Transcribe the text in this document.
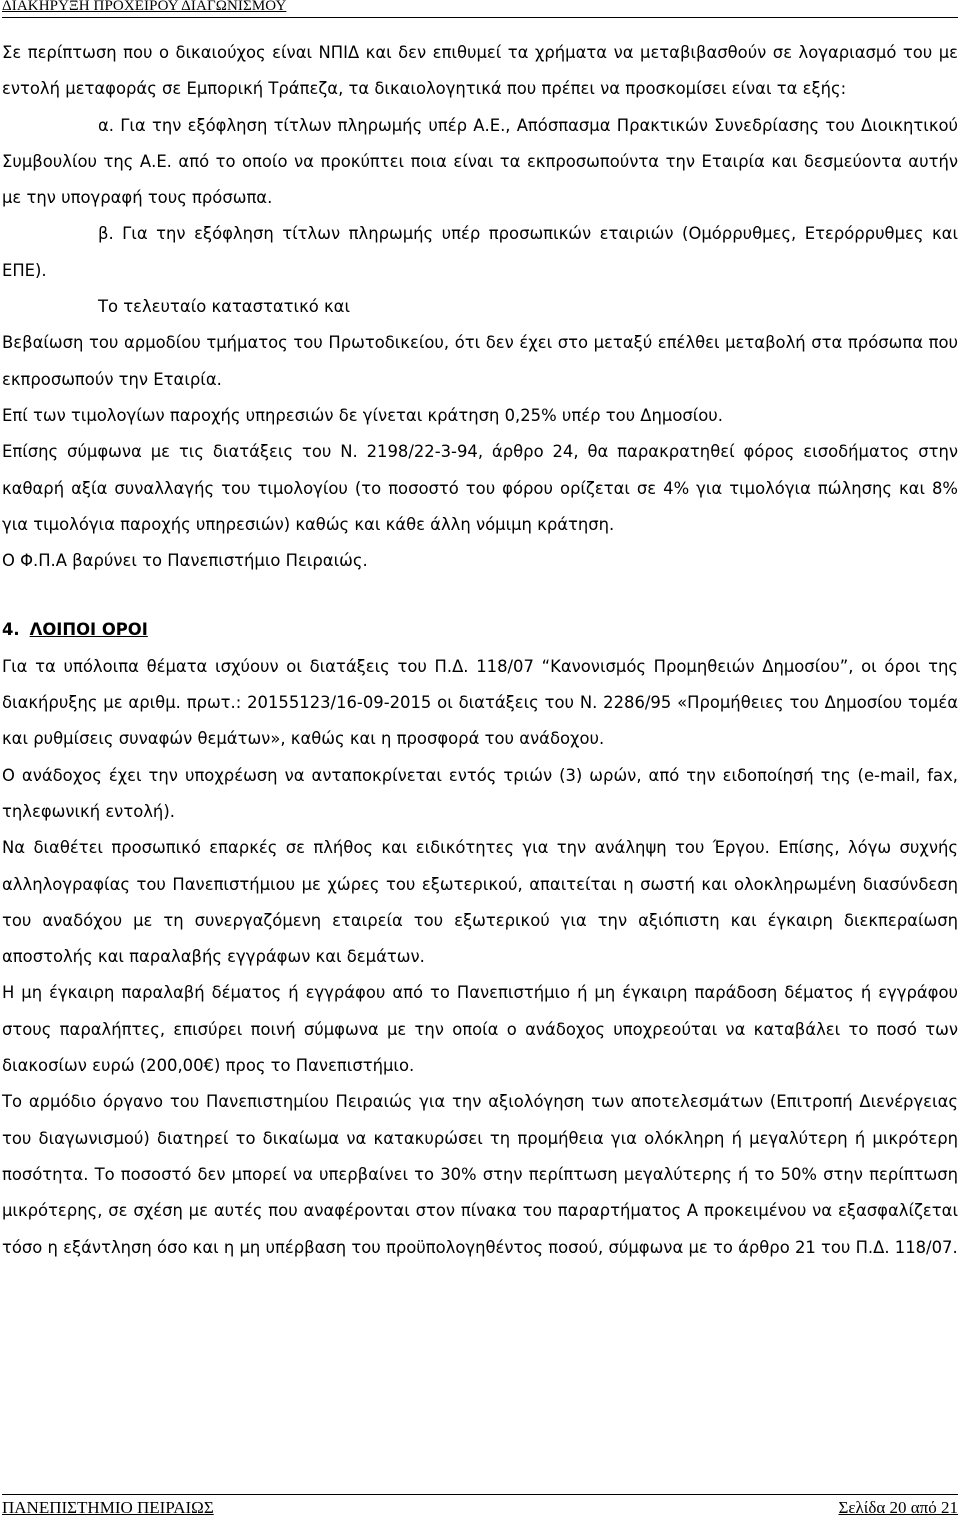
ΔΙΑΚΗΡΥΞΗ ΠΡΟΧΕΙΡΟΥ ΔΙΑΓΩΝΙΣΜΟΥ

Σε περίπτωση που ο δικαιούχος είναι ΝΠΙΔ και δεν επιθυμεί τα χρήματα να μεταβιβασθούν σε λογαριασμό του με εντολή μεταφοράς σε Εμπορική Τράπεζα, τα δικαιολογητικά που πρέπει να προσκομίσει είναι τα εξής:

α. Για την εξόφληση τίτλων πληρωμής υπέρ Α.Ε., Απόσπασμα Πρακτικών Συνεδρίασης του Διοικητικού Συμβουλίου της Α.Ε. από το οποίο να προκύπτει ποια είναι τα εκπροσωπούντα την Εταιρία και δεσμεύοντα αυτήν με την υπογραφή τους πρόσωπα.

β. Για την εξόφληση τίτλων πληρωμής υπέρ προσωπικών εταιριών (Ομόρρυθμες, Ετερόρρυθμες και ΕΠΕ).

Το τελευταίο καταστατικό και

Βεβαίωση του αρμοδίου τμήματος του Πρωτοδικείου, ότι δεν έχει στο μεταξύ επέλθει μεταβολή στα πρόσωπα που εκπροσωπούν την Εταιρία.

Επί των τιμολογίων παροχής υπηρεσιών δε γίνεται κράτηση 0,25% υπέρ του Δημοσίου.

Επίσης σύμφωνα με τις διατάξεις του Ν. 2198/22-3-94, άρθρο 24, θα παρακρατηθεί φόρος εισοδήματος στην καθαρή αξία συναλλαγής του τιμολογίου (το ποσοστό του φόρου ορίζεται σε 4% για τιμολόγια πώλησης και 8% για τιμολόγια παροχής υπηρεσιών) καθώς και κάθε άλλη νόμιμη κράτηση.

Ο Φ.Π.Α βαρύνει το Πανεπιστήμιο Πειραιώς.

4. ΛΟΙΠΟΙ ΟΡΟΙ

Για τα υπόλοιπα θέματα ισχύουν οι διατάξεις του Π.Δ. 118/07 “Κανονισμός Προμηθειών Δημοσίου”, οι όροι της διακήρυξης με αριθμ. πρωτ.: 20155123/16-09-2015 οι διατάξεις του Ν. 2286/95 «Προμήθειες του Δημοσίου τομέα και ρυθμίσεις συναφών θεμάτων», καθώς και η προσφορά του ανάδοχου.

Ο ανάδοχος έχει την υποχρέωση να ανταποκρίνεται εντός τριών (3) ωρών, από την ειδοποίησή της (e-mail, fax, τηλεφωνική εντολή).

Να διαθέτει προσωπικό επαρκές σε πλήθος και ειδικότητες για την ανάληψη του Έργου. Επίσης, λόγω συχνής αλληλογραφίας του Πανεπιστήμιου με χώρες του εξωτερικού, απαιτείται η σωστή και ολοκληρωμένη διασύνδεση του αναδόχου με τη συνεργαζόμενη εταιρεία του εξωτερικού για την αξιόπιστη και έγκαιρη διεκπεραίωση αποστολής και παραλαβής εγγράφων και δεμάτων.

Η μη έγκαιρη παραλαβή δέματος ή εγγράφου από το Πανεπιστήμιο ή μη έγκαιρη παράδοση δέματος ή εγγράφου στους παραλήπτες, επισύρει ποινή σύμφωνα με την οποία ο ανάδοχος υποχρεούται να καταβάλει το ποσό των διακοσίων ευρώ (200,00€) προς το Πανεπιστήμιο.

Το αρμόδιο όργανο του Πανεπιστημίου Πειραιώς για την αξιολόγηση των αποτελεσμάτων (Επιτροπή Διενέργειας του διαγωνισμού) διατηρεί το δικαίωμα να κατακυρώσει τη προμήθεια για ολόκληρη ή μεγαλύτερη ή μικρότερη ποσότητα. Το ποσοστό δεν μπορεί να υπερβαίνει το 30% στην περίπτωση μεγαλύτερης ή το 50% στην περίπτωση μικρότερης, σε σχέση με αυτές που αναφέρονται στον πίνακα του παραρτήματος Α προκειμένου να εξασφαλίζεται τόσο η εξάντληση όσο και η μη υπέρβαση του προϋπολογηθέντος ποσού, σύμφωνα με το άρθρο 21 του Π.Δ. 118/07.

ΠΑΝΕΠΙΣΤΗΜΙΟ ΠΕΙΡΑΙΩΣ	Σελίδα 20 από 21
